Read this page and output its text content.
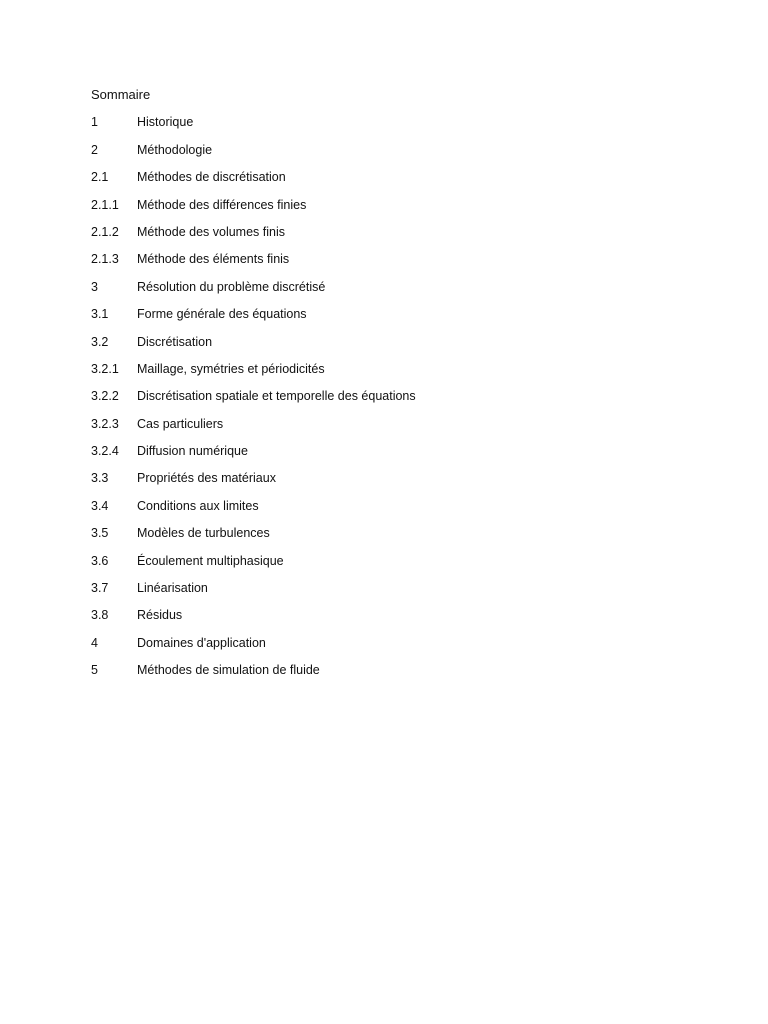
Sommaire
1	Historique
2	Méthodologie
2.1	Méthodes de discrétisation
2.1.1	Méthode des différences finies
2.1.2	Méthode des volumes finis
2.1.3	Méthode des éléments finis
3	Résolution du problème discrétisé
3.1	Forme générale des équations
3.2	Discrétisation
3.2.1	Maillage, symétries et périodicités
3.2.2	Discrétisation spatiale et temporelle des équations
3.2.3	Cas particuliers
3.2.4	Diffusion numérique
3.3	Propriétés des matériaux
3.4	Conditions aux limites
3.5	Modèles de turbulences
3.6	Écoulement multiphasique
3.7	Linéarisation
3.8	Résidus
4	Domaines d'application
5	Méthodes de simulation de fluide
